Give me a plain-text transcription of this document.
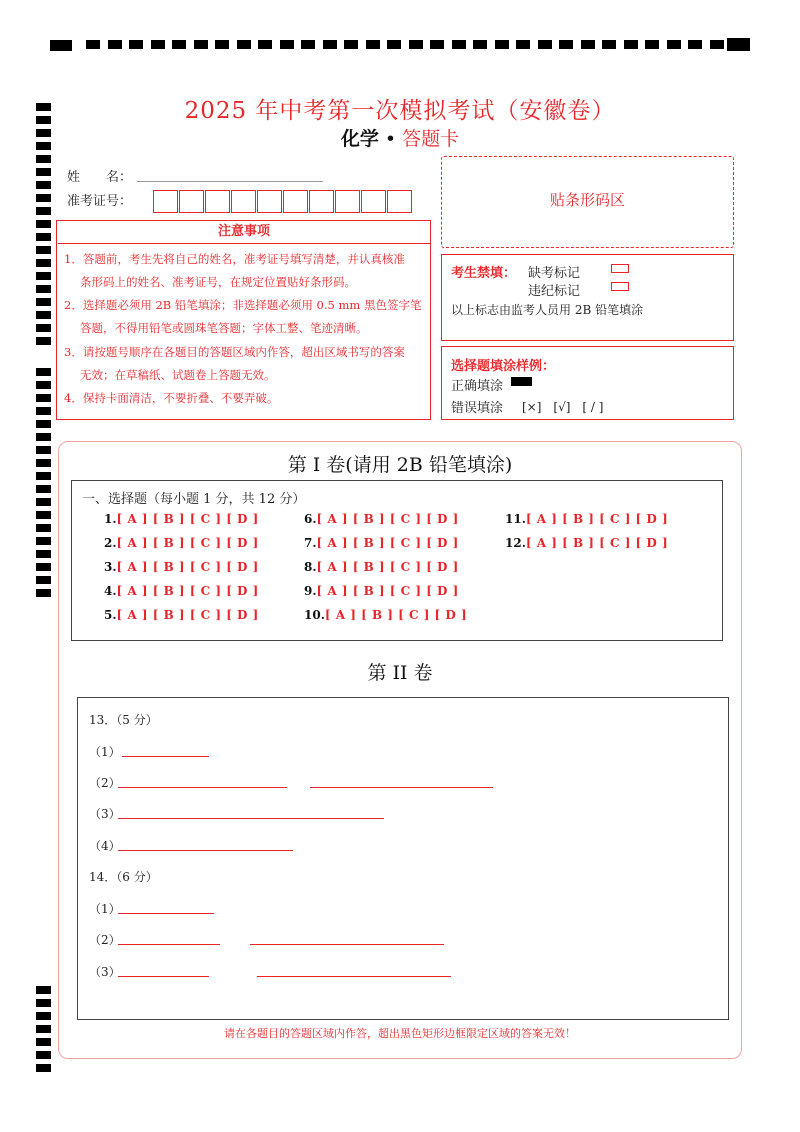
2025 年中考第一次模拟考试（安徽卷）
化学 • 答题卡
姓　　名：
准考证号：	贴条形码区
注意事项
1．答题前，考生先将自己的姓名，准考证号填写清楚，并认真核准
条形码上的姓名、准考证号，在规定位置贴好条形码。
2．选择题必须用 2B 铅笔填涂；非选择题必须用 0.5 mm 黑色签字笔
答题，不得用铅笔或圆珠笔答题；字体工整、笔迹清晰。
3．请按题号顺序在各题目的答题区域内作答，超出区域书写的答案
无效；在草稿纸、试题卷上答题无效。
4．保持卡面清洁，不要折叠、不要弄破。
考生禁填： 缺考标记
违纪标记
以上标志由监考人员用 2B 铅笔填涂
选择题填涂样例：
正确填涂
错误填涂 [×]　[√]　[ / ]
第 I 卷(请用 2B 铅笔填涂)
一、选择题（每小题 1 分，共 12 分）
1.[ A ] [ B ] [ C ] [ D ]
2.[ A ] [ B ] [ C ] [ D ]
3.[ A ] [ B ] [ C ] [ D ]
4.[ A ] [ B ] [ C ] [ D ]
5.[ A ] [ B ] [ C ] [ D ]
6.[ A ] [ B ] [ C ] [ D ]
7.[ A ] [ B ] [ C ] [ D ]
8.[ A ] [ B ] [ C ] [ D ]
9.[ A ] [ B ] [ C ] [ D ]
10.[ A ] [ B ] [ C ] [ D ]
11.[ A ] [ B ] [ C ] [ D ]
12.[ A ] [ B ] [ C ] [ D ]
第 II 卷
13．（5 分）
（1）
（2）
（3）
（4）
14．（6 分）
（1）
（2）
（3）
请在各题目的答题区域内作答，超出黑色矩形边框限定区域的答案无效！
